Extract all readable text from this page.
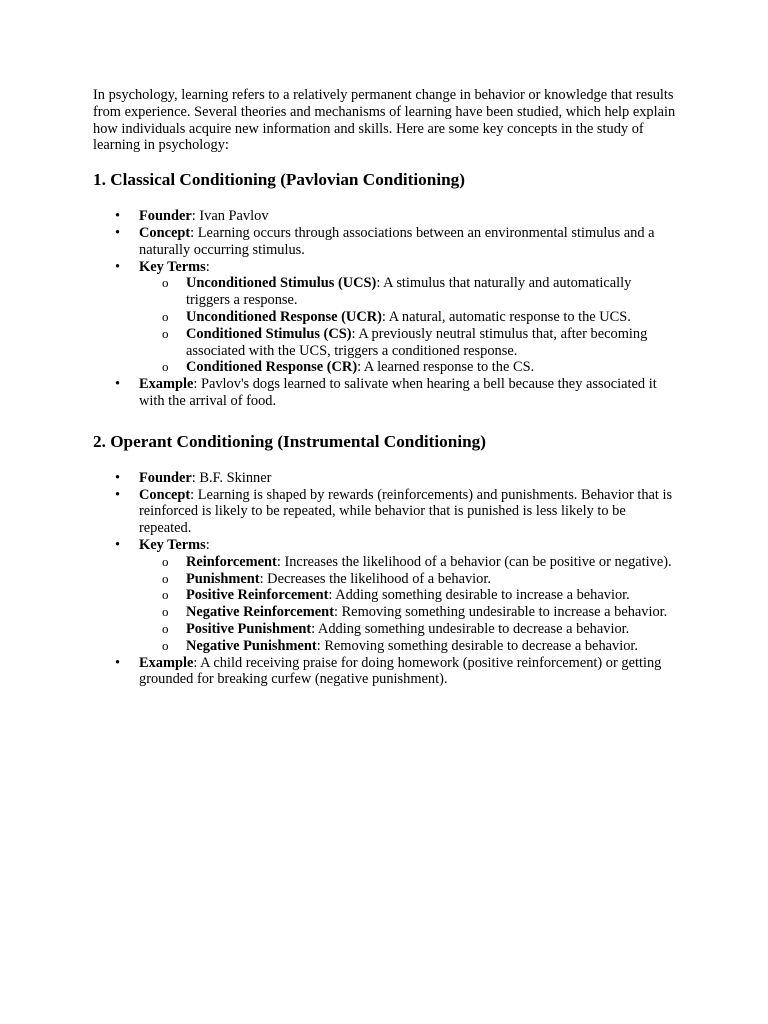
In psychology, learning refers to a relatively permanent change in behavior or knowledge that results from experience. Several theories and mechanisms of learning have been studied, which help explain how individuals acquire new information and skills. Here are some key concepts in the study of learning in psychology:

1. Classical Conditioning (Pavlovian Conditioning)
• Founder: Ivan Pavlov
• Concept: Learning occurs through associations between an environmental stimulus and a naturally occurring stimulus.
• Key Terms:
o Unconditioned Stimulus (UCS): A stimulus that naturally and automatically triggers a response.
o Unconditioned Response (UCR): A natural, automatic response to the UCS.
o Conditioned Stimulus (CS): A previously neutral stimulus that, after becoming associated with the UCS, triggers a conditioned response.
o Conditioned Response (CR): A learned response to the CS.
• Example: Pavlov's dogs learned to salivate when hearing a bell because they associated it with the arrival of food.
2. Operant Conditioning (Instrumental Conditioning)
• Founder: B.F. Skinner
• Concept: Learning is shaped by rewards (reinforcements) and punishments. Behavior that is reinforced is likely to be repeated, while behavior that is punished is less likely to be repeated.
• Key Terms:
o Reinforcement: Increases the likelihood of a behavior (can be positive or negative).
o Punishment: Decreases the likelihood of a behavior.
o Positive Reinforcement: Adding something desirable to increase a behavior.
o Negative Reinforcement: Removing something undesirable to increase a behavior.
o Positive Punishment: Adding something undesirable to decrease a behavior.
o Negative Punishment: Removing something desirable to decrease a behavior.
• Example: A child receiving praise for doing homework (positive reinforcement) or getting grounded for breaking curfew (negative punishment).
